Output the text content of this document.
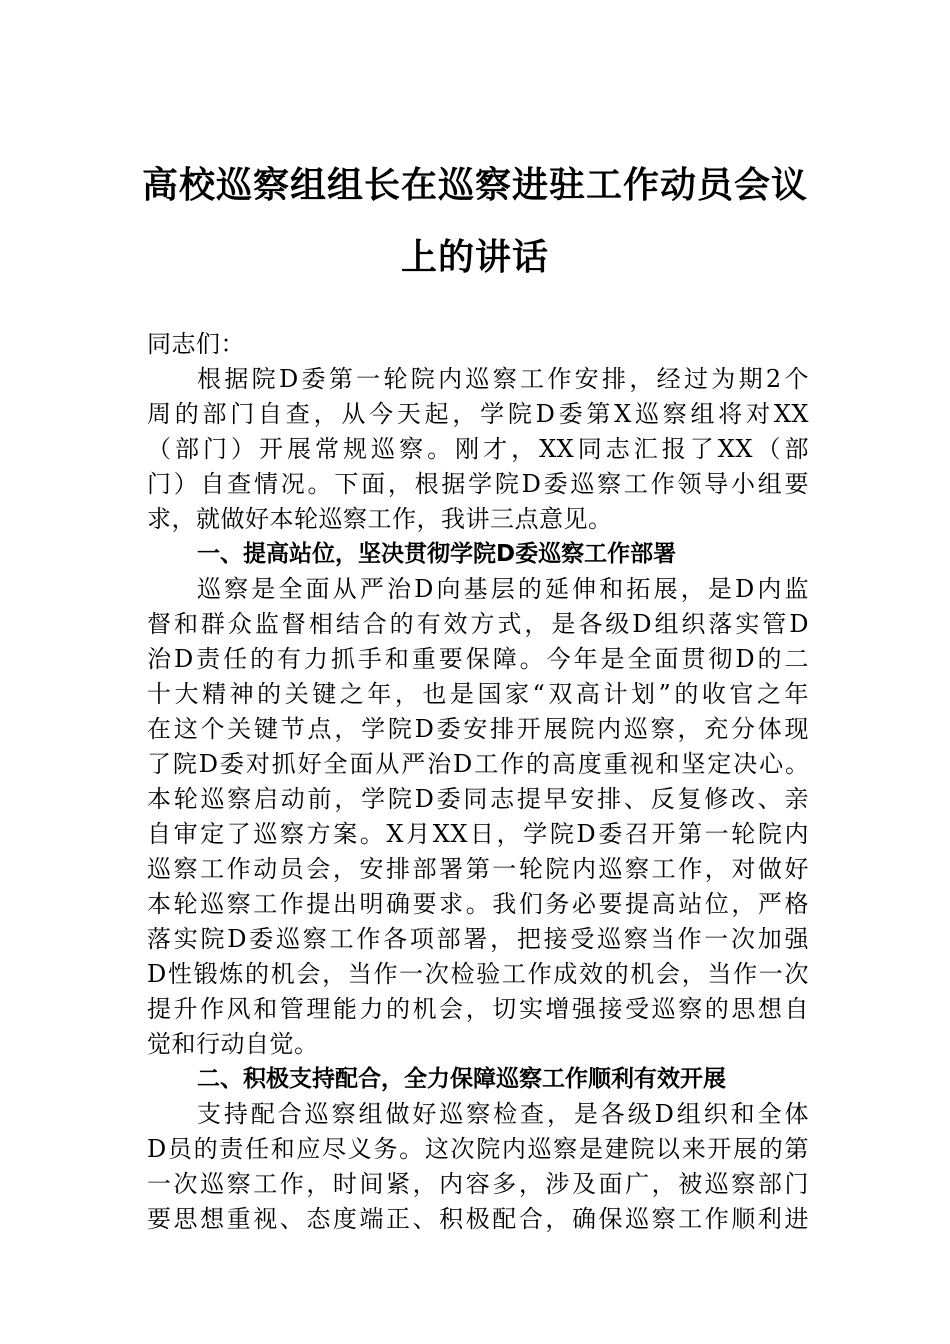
高校巡察组组长在巡察进驻工作动员会议
上的讲话
同志们：
根据院D委第一轮院内巡察工作安排，经过为期2个
周的部门自查，从今天起，学院D委第X巡察组将对XX
（部门）开展常规巡察。刚才，XX同志汇报了XX（部
门）自查情况。下面，根据学院D委巡察工作领导小组要
求，就做好本轮巡察工作，我讲三点意见。
一、提高站位，坚决贯彻学院D委巡察工作部署
巡察是全面从严治D向基层的延伸和拓展，是D内监
督和群众监督相结合的有效方式，是各级D组织落实管D
治D责任的有力抓手和重要保障。今年是全面贯彻D的二
十大精神的关键之年，也是国家“双高计划”的收官之年
在这个关键节点，学院D委安排开展院内巡察，充分体现
了院D委对抓好全面从严治D工作的高度重视和坚定决心。
本轮巡察启动前，学院D委同志提早安排、反复修改、亲
自审定了巡察方案。X月XX日，学院D委召开第一轮院内
巡察工作动员会，安排部署第一轮院内巡察工作，对做好
本轮巡察工作提出明确要求。我们务必要提高站位，严格
落实院D委巡察工作各项部署，把接受巡察当作一次加强
D性锻炼的机会，当作一次检验工作成效的机会，当作一次
提升作风和管理能力的机会，切实增强接受巡察的思想自
觉和行动自觉。
二、积极支持配合，全力保障巡察工作顺利有效开展
支持配合巡察组做好巡察检查，是各级D组织和全体
D员的责任和应尽义务。这次院内巡察是建院以来开展的第
一次巡察工作，时间紧，内容多，涉及面广，被巡察部门
要思想重视、态度端正、积极配合，确保巡察工作顺利进
